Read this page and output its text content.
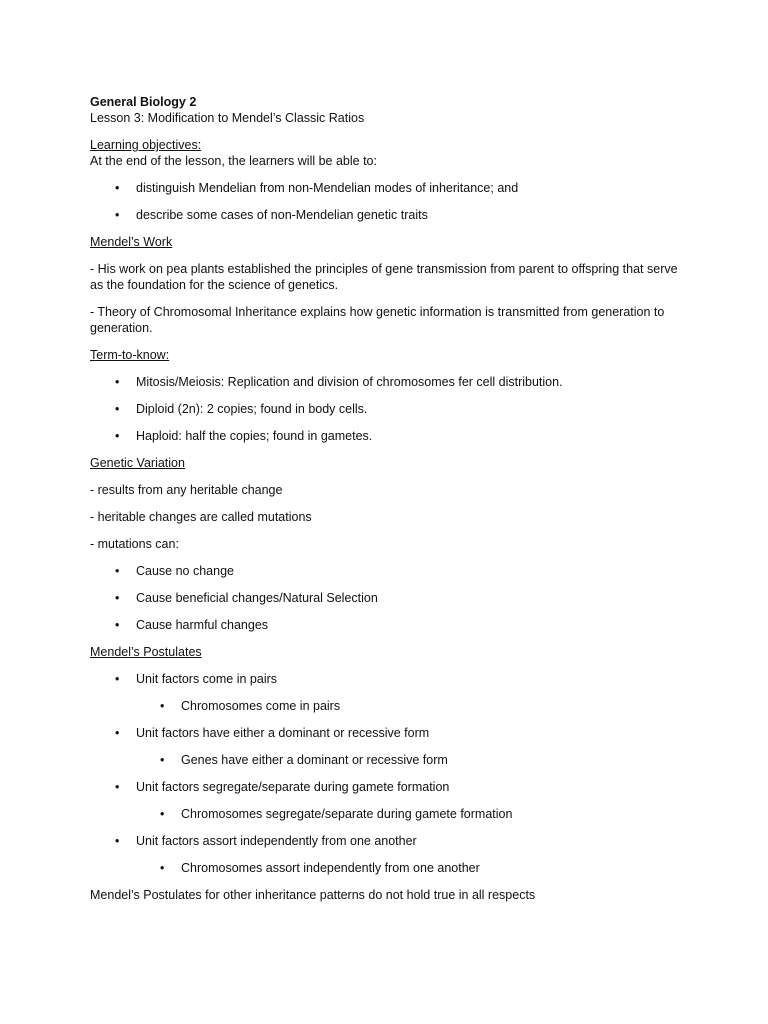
General Biology 2

Lesson 3: Modification to Mendel’s Classic Ratios

Learning objectives:

At the end of the lesson, the learners will be able to:

• distinguish Mendelian from non-Mendelian modes of inheritance; and
• describe some cases of non-Mendelian genetic traits

Mendel’s Work

- His work on pea plants established the principles of gene transmission from parent to offspring that serve as the foundation for the science of genetics.

- Theory of Chromosomal Inheritance explains how genetic information is transmitted from generation to generation.

Term-to-know:

• Mitosis/Meiosis: Replication and division of chromosomes fer cell distribution.
• Diploid (2n): 2 copies; found in body cells.
• Haploid: half the copies; found in gametes.

Genetic Variation

- results from any heritable change

- heritable changes are called mutations

- mutations can:

• Cause no change
• Cause beneficial changes/Natural Selection
• Cause harmful changes

Mendel’s Postulates

• Unit factors come in pairs
• Chromosomes come in pairs
• Unit factors have either a dominant or recessive form
• Genes have either a dominant or recessive form
• Unit factors segregate/separate during gamete formation
• Chromosomes segregate/separate during gamete formation
• Unit factors assort independently from one another
• Chromosomes assort independently from one another

Mendel’s Postulates for other inheritance patterns do not hold true in all respects
